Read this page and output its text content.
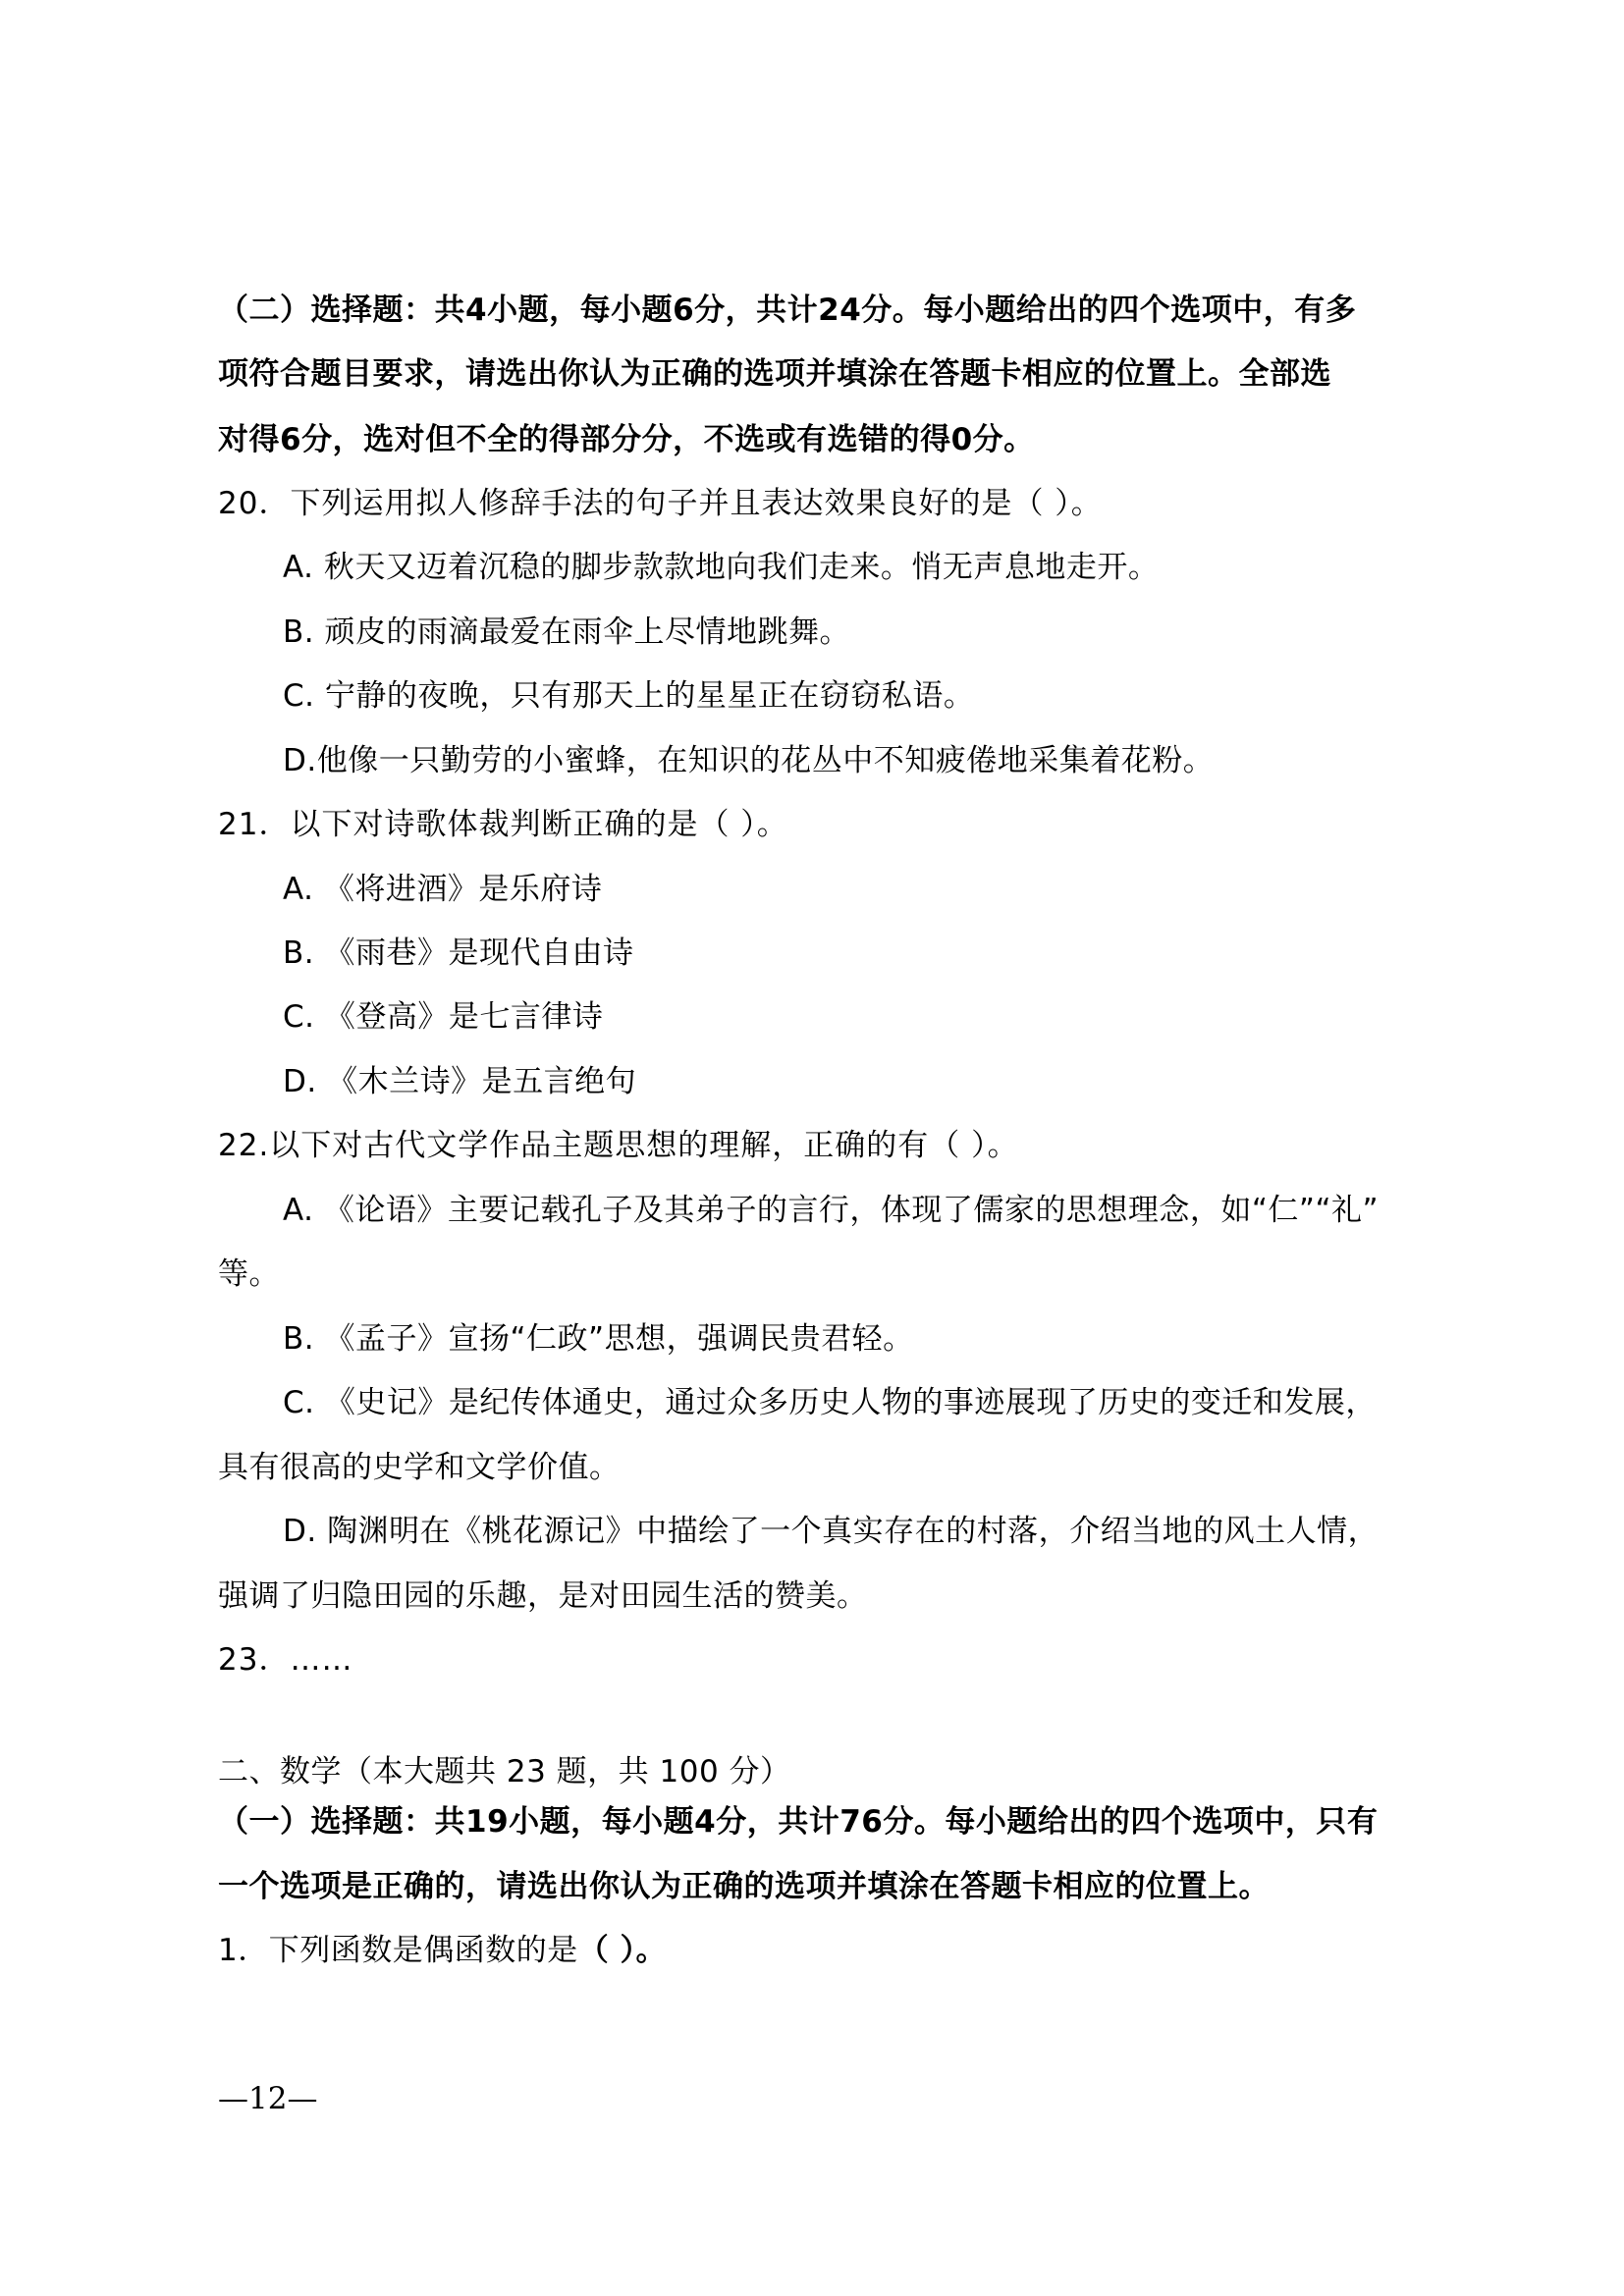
（二）选择题：共4小题，每小题6分，共计24分。每小题给出的四个选项中，有多
项符合题目要求，请选出你认为正确的选项并填涂在答题卡相应的位置上。全部选
对得6分，选对但不全的得部分分，不选或有选错的得0分。
20．下列运用拟人修辞手法的句子并且表达效果良好的是（ ）。
A. 秋天又迈着沉稳的脚步款款地向我们走来。悄无声息地走开。
B. 顽皮的雨滴最爱在雨伞上尽情地跳舞。
C. 宁静的夜晚，只有那天上的星星正在窃窃私语。
D.他像一只勤劳的小蜜蜂，在知识的花丛中不知疲倦地采集着花粉。
21．以下对诗歌体裁判断正确的是（ ）。
A. 《将进酒》是乐府诗
B. 《雨巷》是现代自由诗
C. 《登高》是七言律诗
D. 《木兰诗》是五言绝句
22.以下对古代文学作品主题思想的理解，正确的有（ ）。
A. 《论语》主要记载孔子及其弟子的言行，体现了儒家的思想理念，如“仁”“礼”
等。
B. 《孟子》宣扬“仁政”思想，强调民贵君轻。
C. 《史记》是纪传体通史，通过众多历史人物的事迹展现了历史的变迁和发展，
具有很高的史学和文学价值。
D. 陶渊明在《桃花源记》中描绘了一个真实存在的村落，介绍当地的风土人情，
强调了归隐田园的乐趣，是对田园生活的赞美。
23．……
二、数学（本大题共 23 题，共 100 分）
（一）选择题：共19小题，每小题4分，共计76分。每小题给出的四个选项中，只有
一个选项是正确的，请选出你认为正确的选项并填涂在答题卡相应的位置上。
1．下列函数是偶函数的是（ ）。
—12—
